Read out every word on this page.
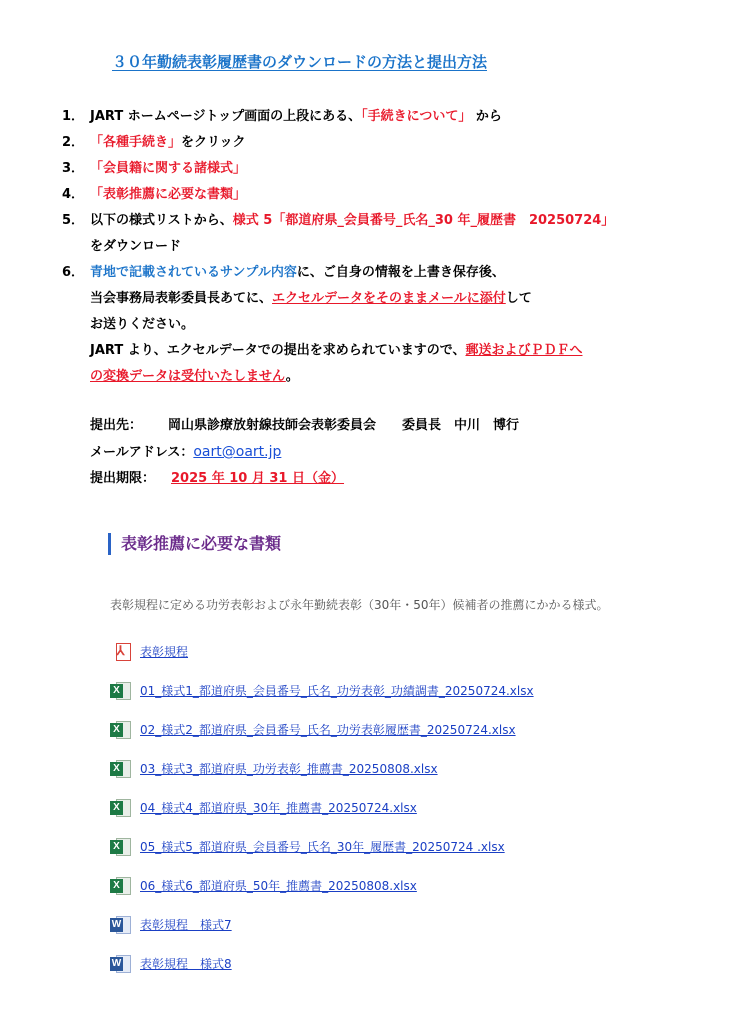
３０年勤続表彰履歴書のダウンロードの方法と提出方法
1． JART ホームページトップ画面の上段にある、「手続きについて」 から
2． 「各種手続き」をクリック
3． 「会員籍に関する諸様式」
4． 「表彰推薦に必要な書類」
5． 以下の様式リストから、様式 5「都道府県_会員番号_氏名_30 年_履歴書　20250724」
をダウンロード
6． 青地で記載されているサンプル内容に、ご自身の情報を上書き保存後、
当会事務局表彰委員長あてに、エクセルデータをそのままメールに添付して
お送りください。
JART より、エクセルデータでの提出を求められていますので、郵送およびＰＤＦへ
の変換データは受付いたしません。
提出先： 岡山県診療放射線技師会表彰委員会 委員長　中川　博行
メールアドレス：oart@oart.jp
提出期限： 2025 年 10 月 31 日（金）
表彰推薦に必要な書類
表彰規程に定める功労表彰および永年勤続表彰（30年・50年）候補者の推薦にかかる様式。
⅄ 表彰規程
X 01_様式1_都道府県_会員番号_氏名_功労表彰_功績調書_20250724.xlsx
X 02_様式2_都道府県_会員番号_氏名_功労表彰履歴書_20250724.xlsx
X 03_様式3_都道府県_功労表彰_推薦書_20250808.xlsx
X 04_様式4_都道府県_30年_推薦書_20250724.xlsx
X 05_様式5_都道府県_会員番号_氏名_30年_履歴書_20250724 .xlsx
X 06_様式6_都道府県_50年_推薦書_20250808.xlsx
W 表彰規程　様式7
W 表彰規程　様式8
